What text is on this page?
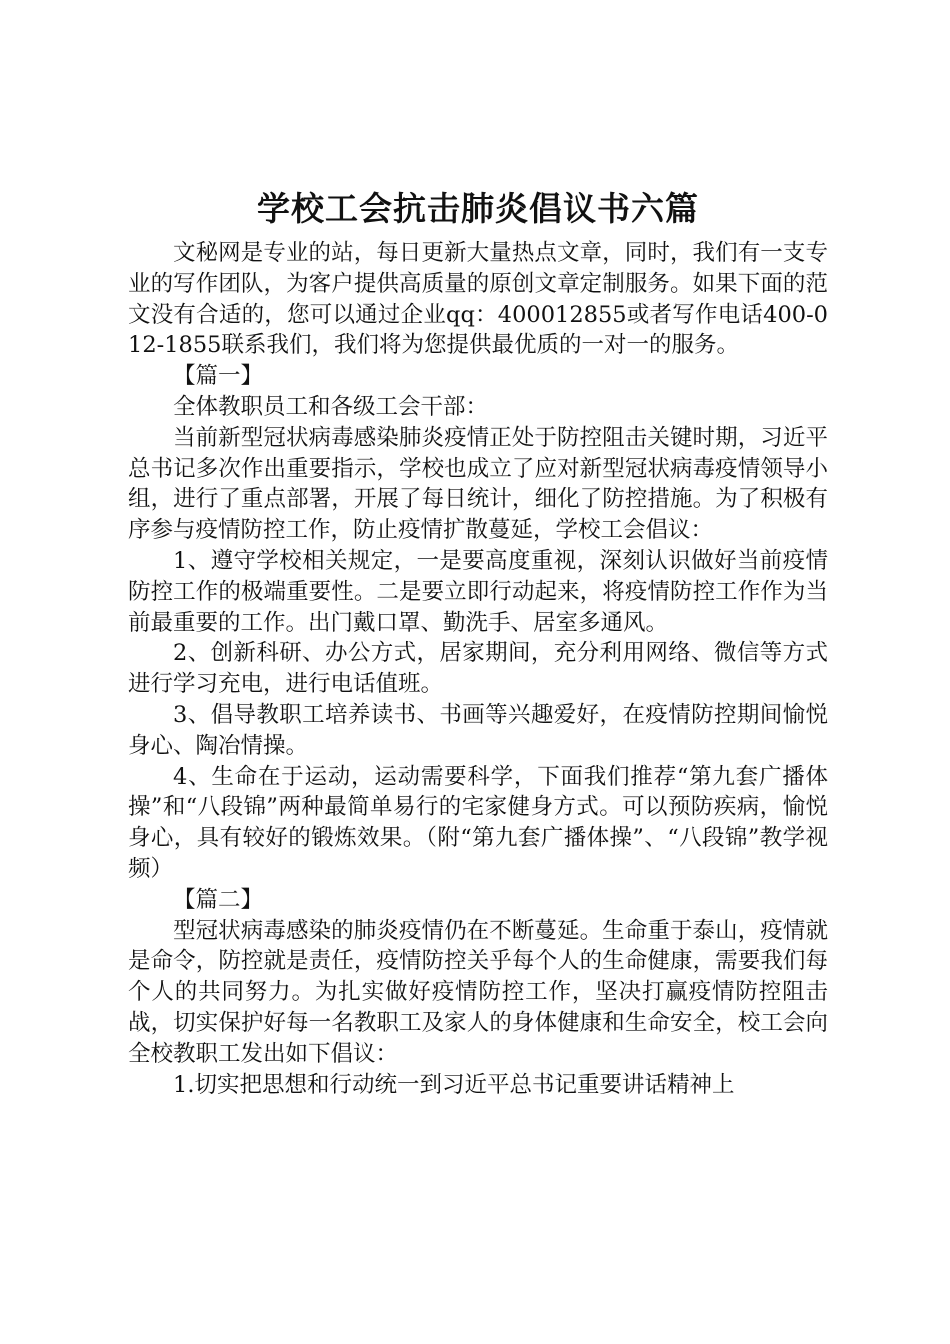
学校工会抗击肺炎倡议书六篇

文秘网是专业的站，每日更新大量热点文章，同时，我们有一支专业的写作团队，为客户提供高质量的原创文章定制服务。如果下面的范文没有合适的，您可以通过企业qq：400012855或者写作电话400-012-1855联系我们，我们将为您提供最优质的一对一的服务。

【篇一】

全体教职员工和各级工会干部：

当前新型冠状病毒感染肺炎疫情正处于防控阻击关键时期，习近平总书记多次作出重要指示，学校也成立了应对新型冠状病毒疫情领导小组，进行了重点部署，开展了每日统计，细化了防控措施。为了积极有序参与疫情防控工作，防止疫情扩散蔓延，学校工会倡议：

1、遵守学校相关规定，一是要高度重视，深刻认识做好当前疫情防控工作的极端重要性。二是要立即行动起来，将疫情防控工作作为当前最重要的工作。出门戴口罩、勤洗手、居室多通风。

2、创新科研、办公方式，居家期间，充分利用网络、微信等方式进行学习充电，进行电话值班。

3、倡导教职工培养读书、书画等兴趣爱好，在疫情防控期间愉悦身心、陶冶情操。

4、生命在于运动，运动需要科学，下面我们推荐“第九套广播体操”和“八段锦”两种最简单易行的宅家健身方式。可以预防疾病，愉悦身心，具有较好的锻炼效果。（附“第九套广播体操”、“八段锦”教学视频）

【篇二】

型冠状病毒感染的肺炎疫情仍在不断蔓延。生命重于泰山，疫情就是命令，防控就是责任，疫情防控关乎每个人的生命健康，需要我们每个人的共同努力。为扎实做好疫情防控工作，坚决打赢疫情防控阻击战，切实保护好每一名教职工及家人的身体健康和生命安全，校工会向全校教职工发出如下倡议：

1.切实把思想和行动统一到习近平总书记重要讲话精神上
